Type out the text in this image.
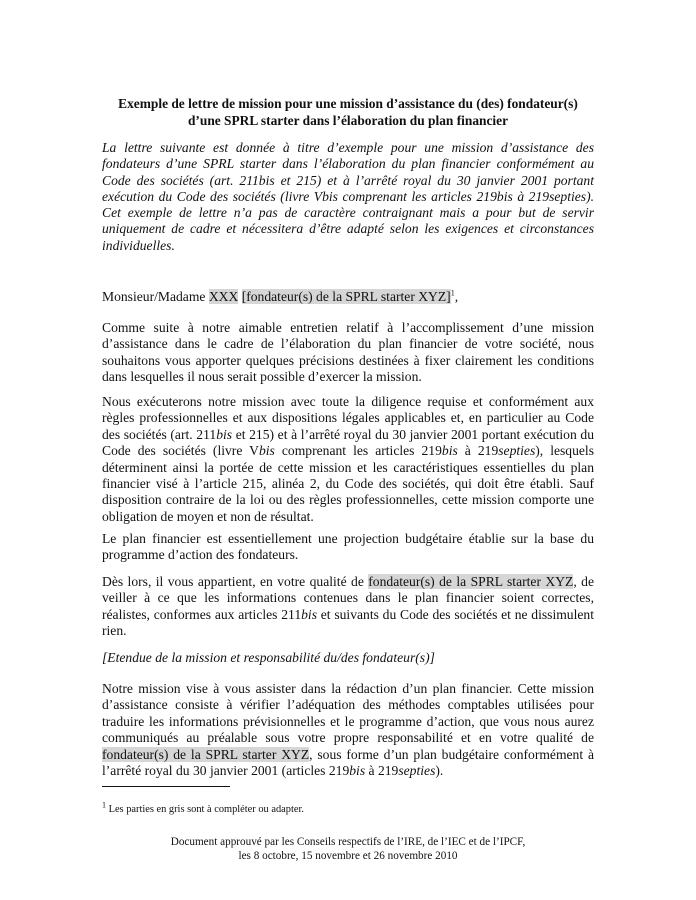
Exemple de lettre de mission pour une mission d’assistance du (des) fondateur(s)
d’une SPRL starter dans l’élaboration du plan financier
La lettre suivante est donnée à titre d’exemple pour une mission d’assistance des fondateurs d’une SPRL starter dans l’élaboration du plan financier conformément au Code des sociétés (art. 211bis et 215) et à l’arrêté royal du 30 janvier 2001 portant exécution du Code des sociétés (livre Vbis comprenant les articles 219bis à 219septies). Cet exemple de lettre n’a pas de caractère contraignant mais a pour but de servir uniquement de cadre et nécessitera d’être adapté selon les exigences et circonstances individuelles.
Monsieur/Madame XXX [fondateur(s) de la SPRL starter XYZ]$^1$,
Comme suite à notre aimable entretien relatif à l’accomplissement d’une mission d’assistance dans le cadre de l’élaboration du plan financier de votre société, nous souhaitons vous apporter quelques précisions destinées à fixer clairement les conditions dans lesquelles il nous serait possible d’exercer la mission.
Nous exécuterons notre mission avec toute la diligence requise et conformément aux règles professionnelles et aux dispositions légales applicables et, en particulier au Code des sociétés (art. 211bis et 215) et à l’arrêté royal du 30 janvier 2001 portant exécution du Code des sociétés (livre Vbis comprenant les articles 219bis à 219septies), lesquels déterminent ainsi la portée de cette mission et les caractéristiques essentielles du plan financier visé à l’article 215, alinéa 2, du Code des sociétés, qui doit être établi. Sauf disposition contraire de la loi ou des règles professionnelles, cette mission comporte une obligation de moyen et non de résultat.
Le plan financier est essentiellement une projection budgétaire établie sur la base du programme d’action des fondateurs.
Dès lors, il vous appartient, en votre qualité de fondateur(s) de la SPRL starter XYZ, de veiller à ce que les informations contenues dans le plan financier soient correctes, réalistes, conformes aux articles 211bis et suivants du Code des sociétés et ne dissimulent rien.
[Etendue de la mission et responsabilité du/des fondateur(s)]
Notre mission vise à vous assister dans la rédaction d’un plan financier. Cette mission d’assistance consiste à vérifier l’adéquation des méthodes comptables utilisées pour traduire les informations prévisionnelles et le programme d’action, que vous nous aurez communiqués au préalable sous votre propre responsabilité et en votre qualité de fondateur(s) de la SPRL starter XYZ, sous forme d’un plan budgétaire conformément à l’arrêté royal du 30 janvier 2001 (articles 219bis à 219septies).
$^1$ Les parties en gris sont à compléter ou adapter.
Document approuvé par les Conseils respectifs de l’IRE, de l’IEC et de l’IPCF,
les 8 octobre, 15 novembre et 26 novembre 2010
